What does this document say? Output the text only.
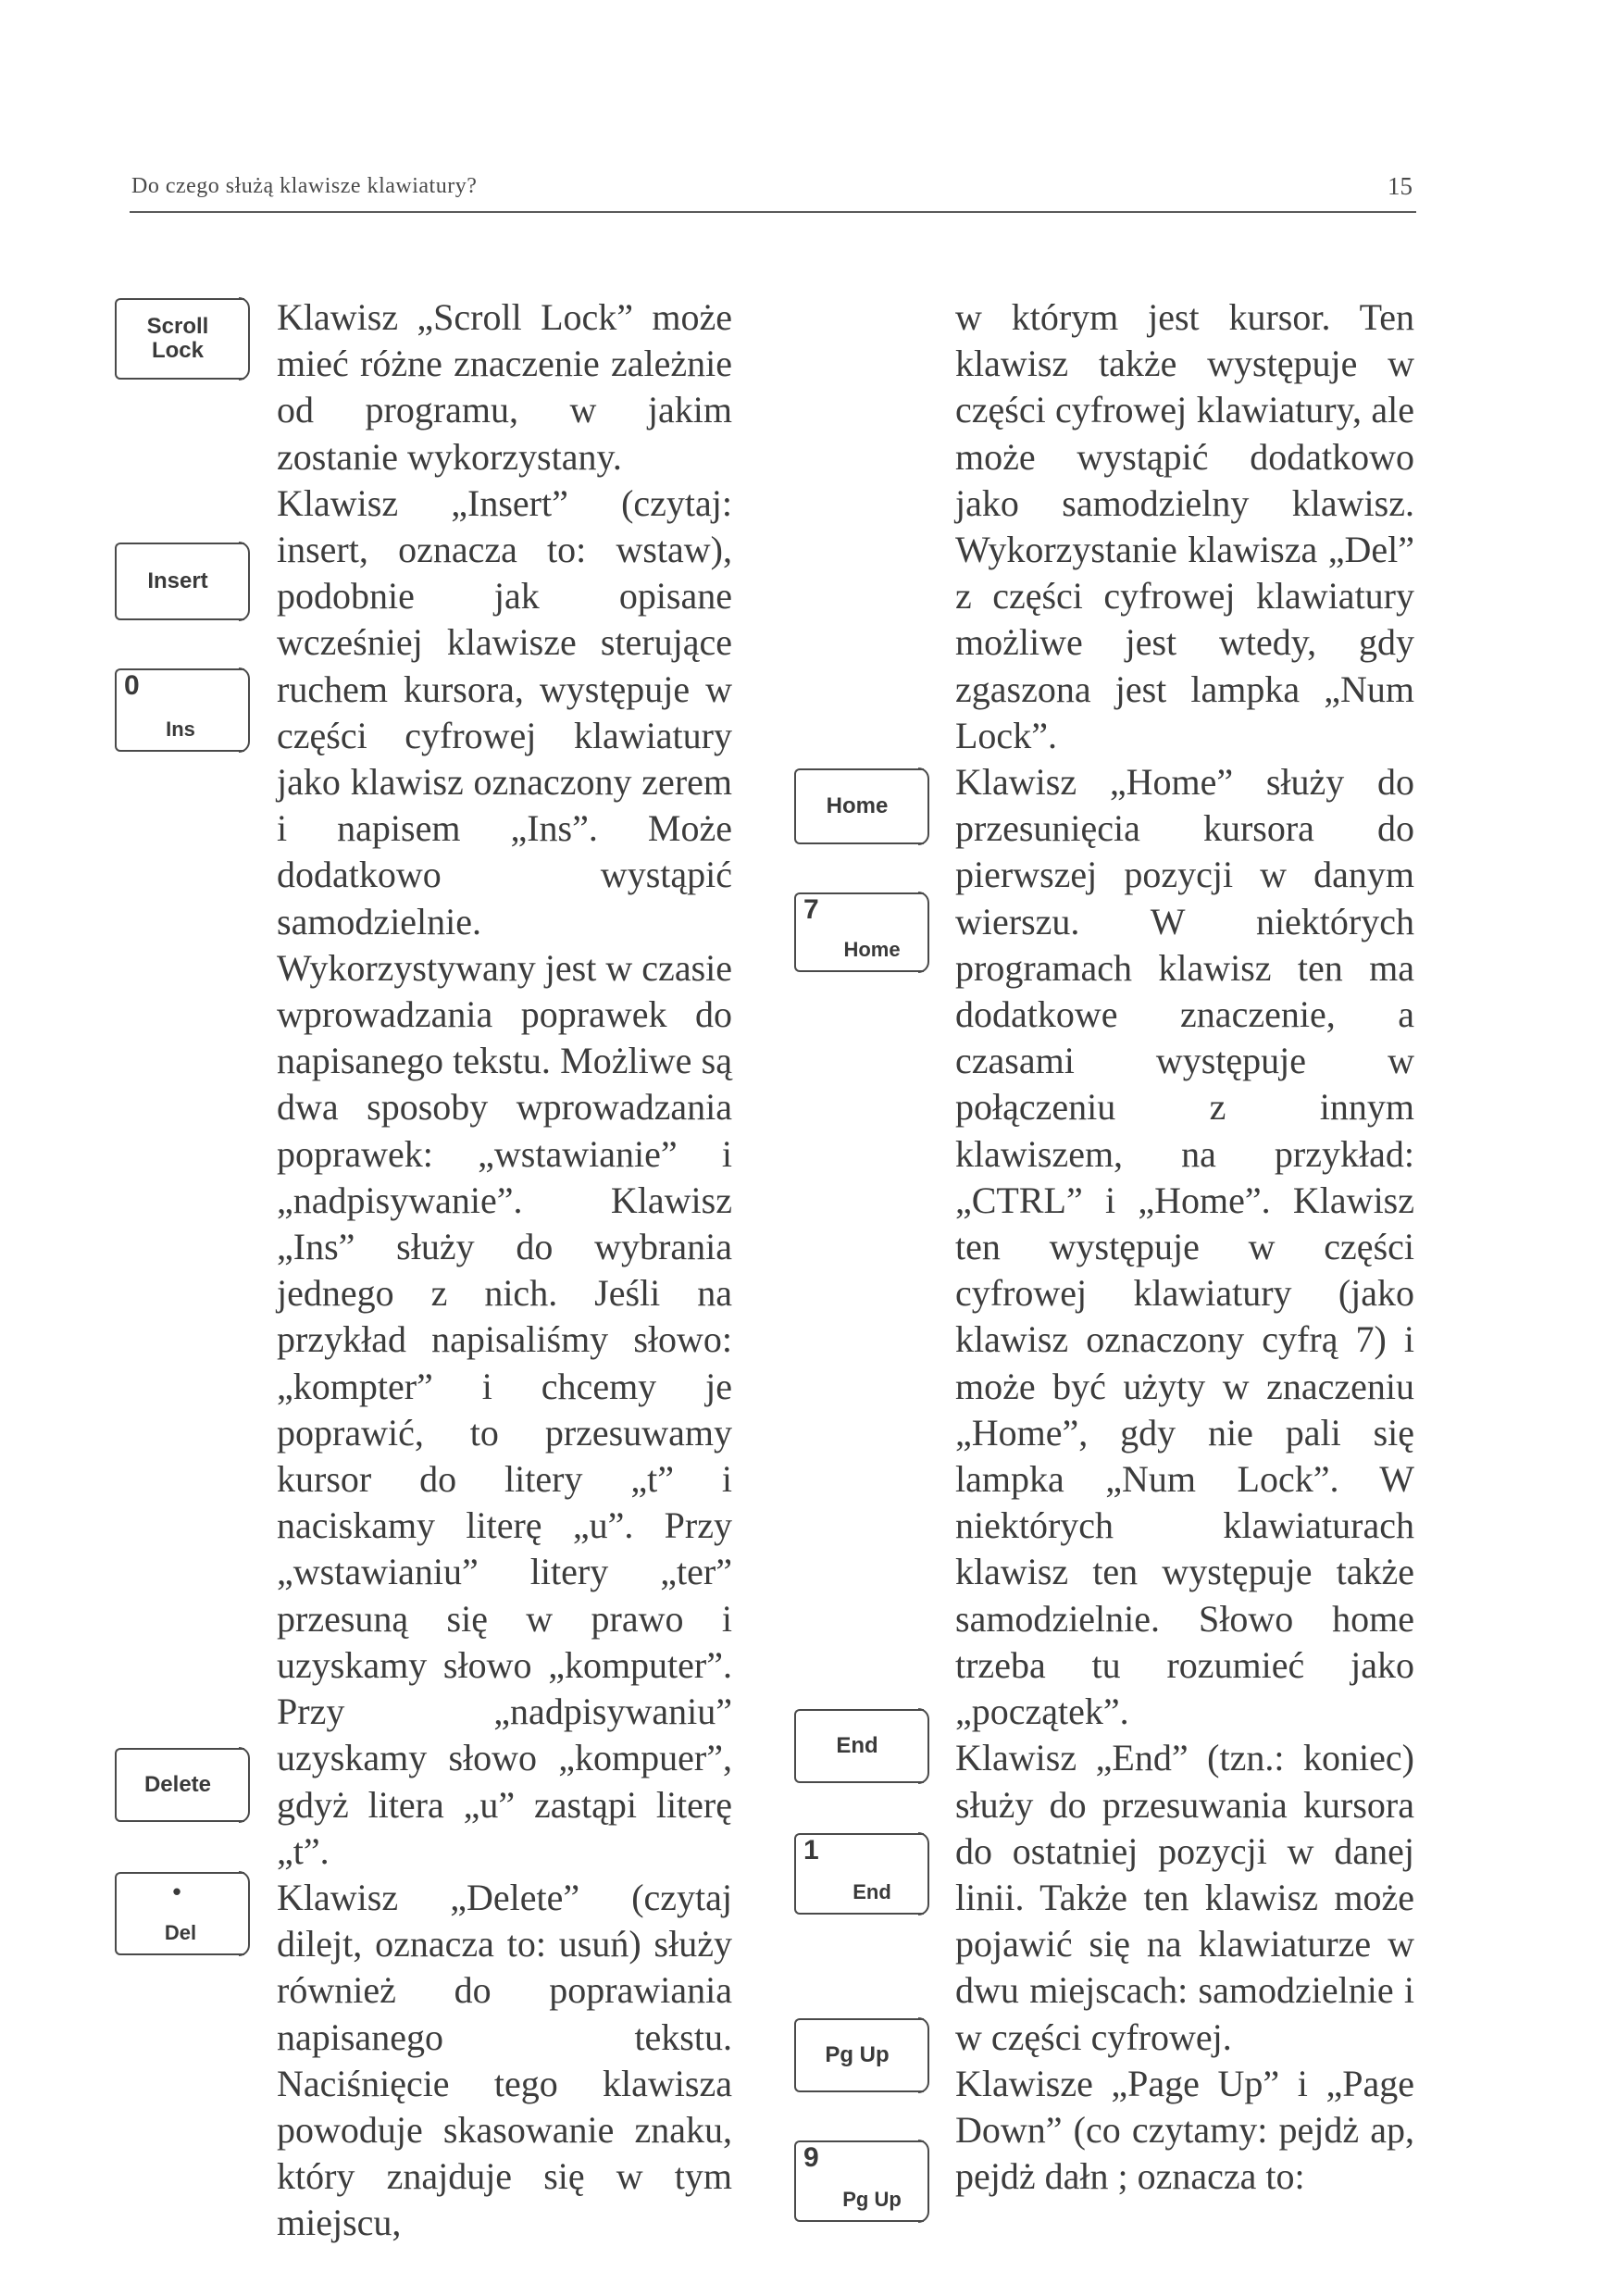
Do czego służą klawisze klawiatury?	15
Scroll
Lock
Insert
0
Ins
Delete
•
Del
Home
7
Home
End
1
End
Pg Up
9
Pg Up
Klawisz „Scroll Lock” może mieć różne znaczenie zależnie od programu, w jakim zostanie wykorzystany.
Klawisz „Insert” (czytaj: insert, oznacza to: wstaw), podobnie jak opisane wcześniej klawisze sterujące ruchem kursora, występuje w części cyfrowej klawiatury jako klawisz oznaczony zerem i napisem „Ins”. Może dodatkowo wystąpić samodzielnie. Wykorzystywany jest w czasie wprowadzania poprawek do napisanego tekstu. Możliwe są dwa sposoby wprowadzania poprawek: „wstawianie” i „nadpisywanie”. Klawisz „Ins” służy do wybrania jednego z nich. Jeśli na przykład napisaliśmy słowo: „kompter” i chcemy je poprawić, to przesuwamy kursor do litery „t” i naciskamy literę „u”. Przy „wstawianiu” litery „ter” przesuną się w prawo i uzyskamy słowo „komputer”. Przy „nadpisywaniu” uzyskamy słowo „kompuer”, gdyż litera „u” zastąpi literę „t”.
Klawisz „Delete” (czytaj dilejt, oznacza to: usuń) służy również do poprawiania napisanego tekstu. Naciśnięcie tego klawisza powoduje skasowanie znaku, który znajduje się w tym miejscu,
w którym jest kursor. Ten klawisz także występuje w części cyfrowej klawiatury, ale może wystąpić dodatkowo jako samodzielny klawisz. Wykorzystanie klawisza „Del” z części cyfrowej klawiatury możliwe jest wtedy, gdy zgaszona jest lampka „Num Lock”.
Klawisz „Home” służy do przesunięcia kursora do pierwszej pozycji w danym wierszu. W niektórych programach klawisz ten ma dodatkowe znaczenie, a czasami występuje w połączeniu z innym klawiszem, na przykład: „CTRL” i „Home”. Klawisz ten występuje w części cyfrowej klawiatury (jako klawisz oznaczony cyfrą 7) i może być użyty w znaczeniu „Home”, gdy nie pali się lampka „Num Lock”. W niektórych klawiaturach klawisz ten występuje także samodzielnie. Słowo home trzeba tu rozumieć jako „początek”.
Klawisz „End” (tzn.: koniec) służy do przesuwania kursora do ostatniej pozycji w danej linii. Także ten klawisz może pojawić się na klawiaturze w dwu miejscach: samodzielnie i w części cyfrowej.
Klawisze „Page Up” i „Page Down” (co czytamy: pejdż ap, pejdż dałn ; oznacza to:
